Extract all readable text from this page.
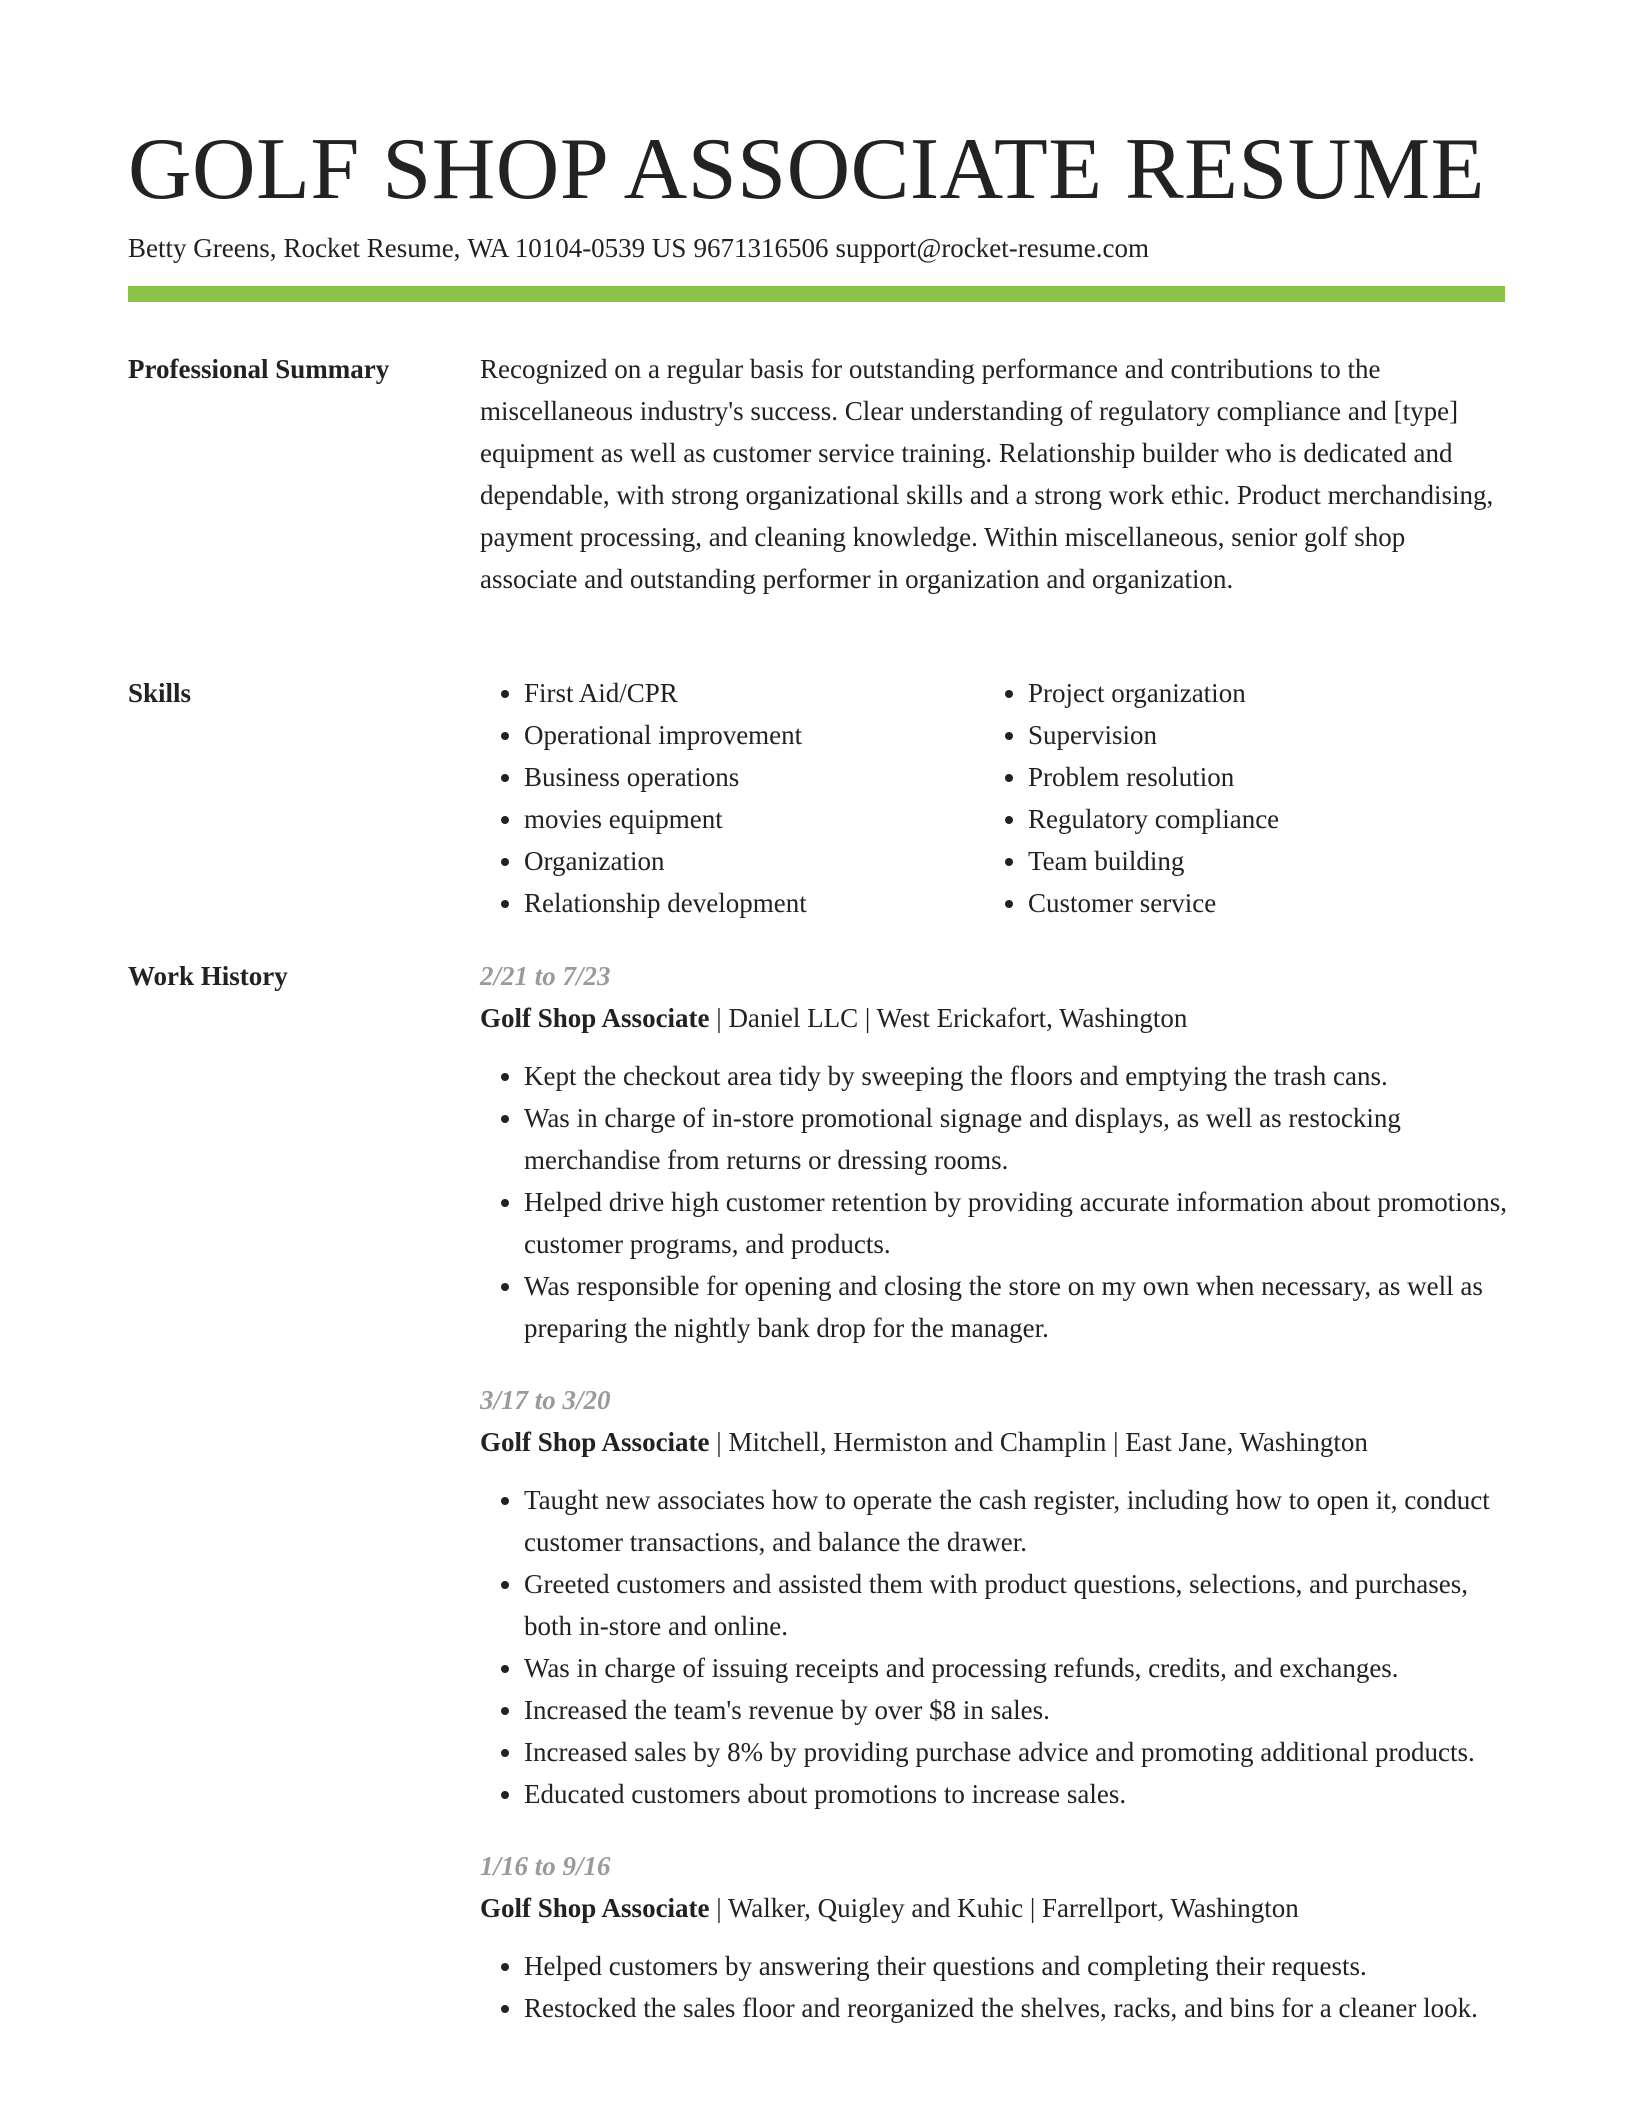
GOLF SHOP ASSOCIATE RESUME
Betty Greens, Rocket Resume, WA 10104-0539 US 9671316506 support@rocket-resume.com
Professional Summary	Recognized on a regular basis for outstanding performance and contributions to the miscellaneous industry's success. Clear understanding of regulatory compliance and [type] equipment as well as customer service training. Relationship builder who is dedicated and dependable, with strong organizational skills and a strong work ethic. Product merchandising, payment processing, and cleaning knowledge. Within miscellaneous, senior golf shop associate and outstanding performer in organization and organization.

Skills
•	First Aid/CPR
• Operational improvement
• Business operations
• movies equipment
• Organization
• Relationship development
• Project organization
• Supervision
• Problem resolution
• Regulatory compliance
• Team building
• Customer service
Work History	2/21 to 7/23
Golf Shop Associate | Daniel LLC | West Erickafort, Washington
• Kept the checkout area tidy by sweeping the floors and emptying the trash cans.
• Was in charge of in-store promotional signage and displays, as well as restocking merchandise from returns or dressing rooms.
• Helped drive high customer retention by providing accurate information about promotions, customer programs, and products.
• Was responsible for opening and closing the store on my own when necessary, as well as preparing the nightly bank drop for the manager.
3/17 to 3/20
Golf Shop Associate | Mitchell, Hermiston and Champlin | East Jane, Washington
• Taught new associates how to operate the cash register, including how to open it, conduct customer transactions, and balance the drawer.
• Greeted customers and assisted them with product questions, selections, and purchases, both in-store and online.
• Was in charge of issuing receipts and processing refunds, credits, and exchanges.
• Increased the team's revenue by over $8 in sales.
• Increased sales by 8% by providing purchase advice and promoting additional products.
• Educated customers about promotions to increase sales.
1/16 to 9/16
Golf Shop Associate | Walker, Quigley and Kuhic | Farrellport, Washington
• Helped customers by answering their questions and completing their requests.
• Restocked the sales floor and reorganized the shelves, racks, and bins for a cleaner look.
